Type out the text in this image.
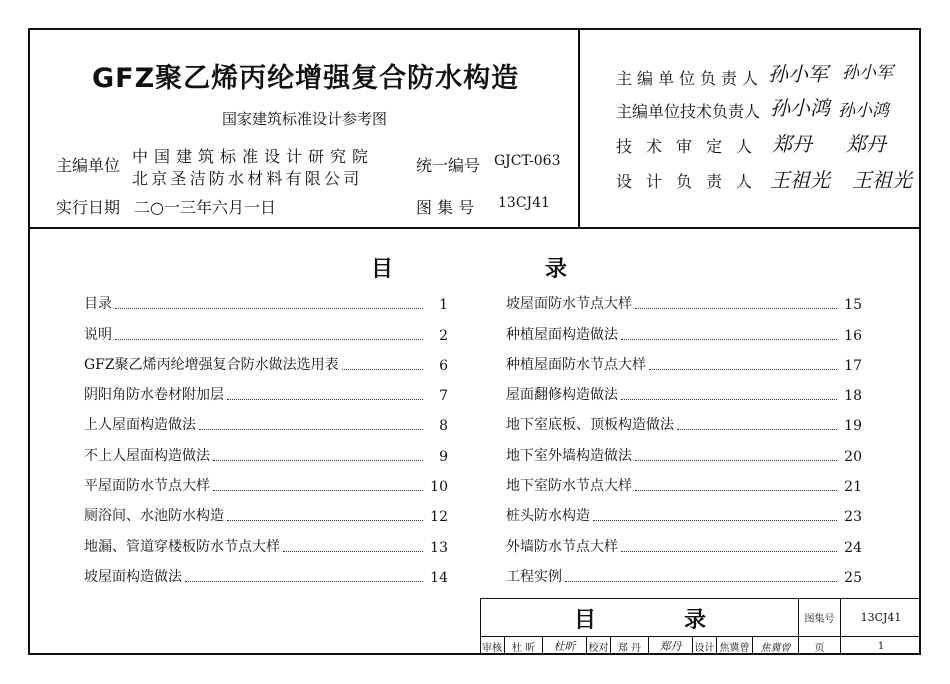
GFZ聚乙烯丙纶增强复合防水构造
国家建筑标准设计参考图
主编单位 中国建筑标准设计研究院
北京圣洁防水材料有限公司
实行日期 二○一三年六月一日
统一编号 GJCT-063
图 集 号 13CJ41
主编单位负责人 孙小军 孙小军
主编单位技术负责人 孙小鸿 孙小鸿
技术审定人 郑丹 郑丹
设计负责人 王祖光 王祖光
目	录
目录	1
说明	2
GFZ聚乙烯丙纶增强复合防水做法选用表	6
阴阳角防水卷材附加层	7
上人屋面构造做法	8
不上人屋面构造做法	9
平屋面防水节点大样	10
厕浴间、水池防水构造	12
地漏、管道穿楼板防水节点大样	13
坡屋面构造做法	14
坡屋面防水节点大样	15
种植屋面构造做法	16
种植屋面防水节点大样	17
屋面翻修构造做法	18
地下室底板、顶板构造做法	19
地下室外墙构造做法	20
地下室防水节点大样	21
桩头防水构造	23
外墙防水节点大样	24
工程实例	25
目	录	图集号	13CJ41
审核 杜 昕	杜昕	校对 郑 丹	郑丹	设计 焦冀曾	焦冀曾	页	1
